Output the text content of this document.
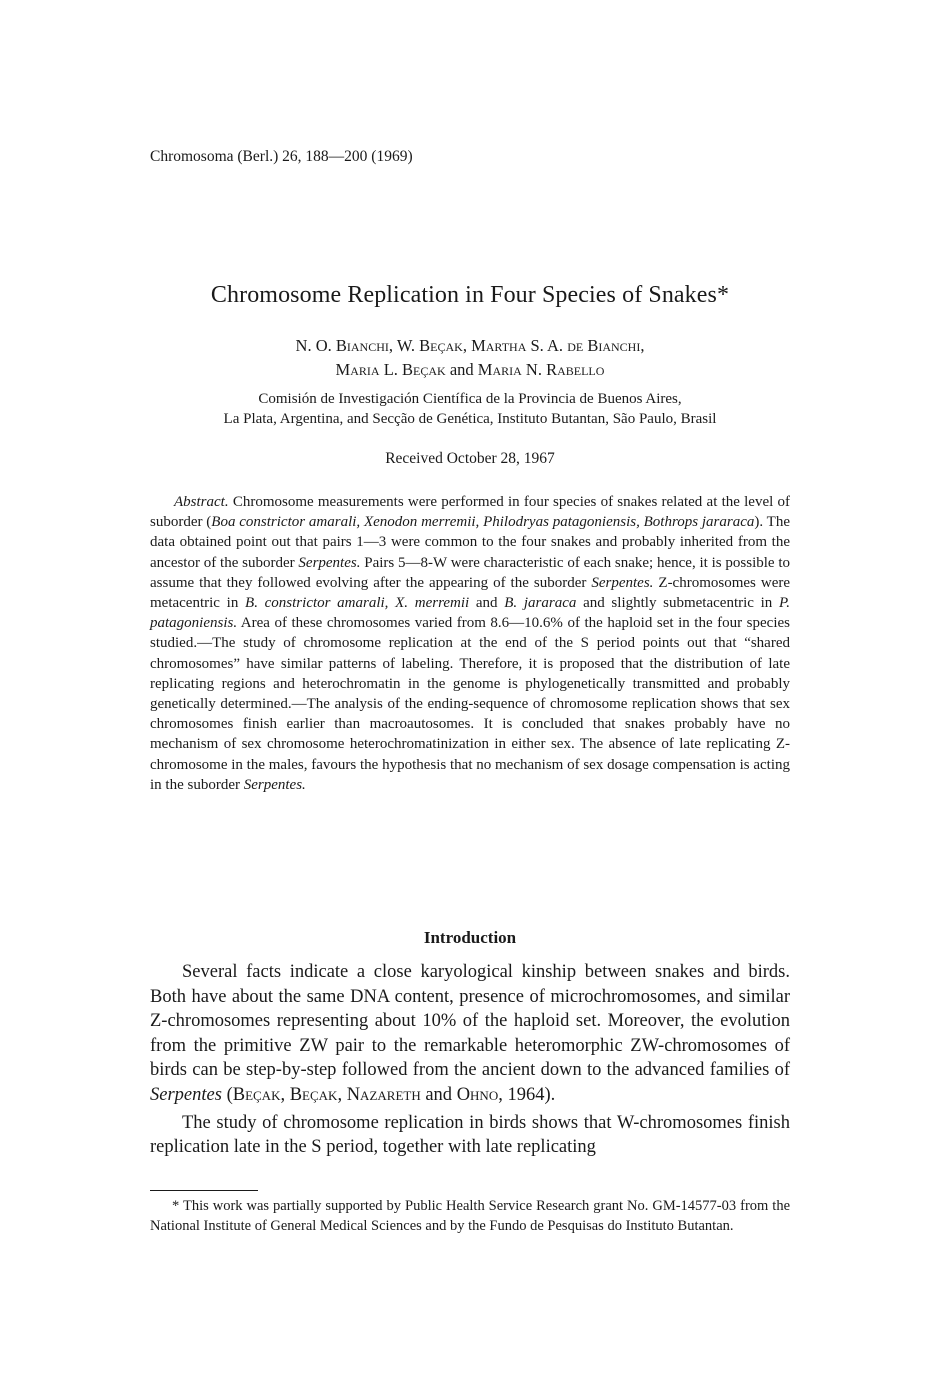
Chromosoma (Berl.) 26, 188—200 (1969)
Chromosome Replication in Four Species of Snakes*
N. O. Bianchi, W. Beçak, Martha S. A. de Bianchi,
Maria L. Beçak and Maria N. Rabello
Comisión de Investigación Científica de la Provincia de Buenos Aires,
La Plata, Argentina, and Secção de Genética, Instituto Butantan, São Paulo, Brasil
Received October 28, 1967
Abstract. Chromosome measurements were performed in four species of snakes related at the level of suborder (Boa constrictor amarali, Xenodon merremii, Philodryas patagoniensis, Bothrops jararaca). The data obtained point out that pairs 1—3 were common to the four snakes and probably inherited from the ancestor of the suborder Serpentes. Pairs 5—8-W were characteristic of each snake; hence, it is possible to assume that they followed evolving after the appearing of the suborder Serpentes. Z-chromosomes were metacentric in B. constrictor amarali, X. merremii and B. jararaca and slightly submetacentric in P. patagoniensis. Area of these chromosomes varied from 8.6—10.6% of the haploid set in the four species studied.—The study of chromosome replication at the end of the S period points out that “shared chromosomes” have similar patterns of labeling. Therefore, it is proposed that the distribution of late replicating regions and heterochromatin in the genome is phylogenetically transmitted and probably genetically determined.—The analysis of the ending-sequence of chromosome replication shows that sex chromosomes finish earlier than macroautosomes. It is concluded that snakes probably have no mechanism of sex chromosome heterochromatinization in either sex. The absence of late replicating Z-chromosome in the males, favours the hypothesis that no mechanism of sex dosage compensation is acting in the suborder Serpentes.
Introduction

Several facts indicate a close karyological kinship between snakes and birds. Both have about the same DNA content, presence of microchromosomes, and similar Z-chromosomes representing about 10% of the haploid set. Moreover, the evolution from the primitive ZW pair to the remarkable heteromorphic ZW-chromosomes of birds can be step-by-step followed from the ancient down to the advanced families of Serpentes (Beçak, Beçak, Nazareth and Ohno, 1964).

The study of chromosome replication in birds shows that W-chromosomes finish replication late in the S period, together with late replicating

* This work was partially supported by Public Health Service Research grant No. GM-14577-03 from the National Institute of General Medical Sciences and by the Fundo de Pesquisas do Instituto Butantan.
